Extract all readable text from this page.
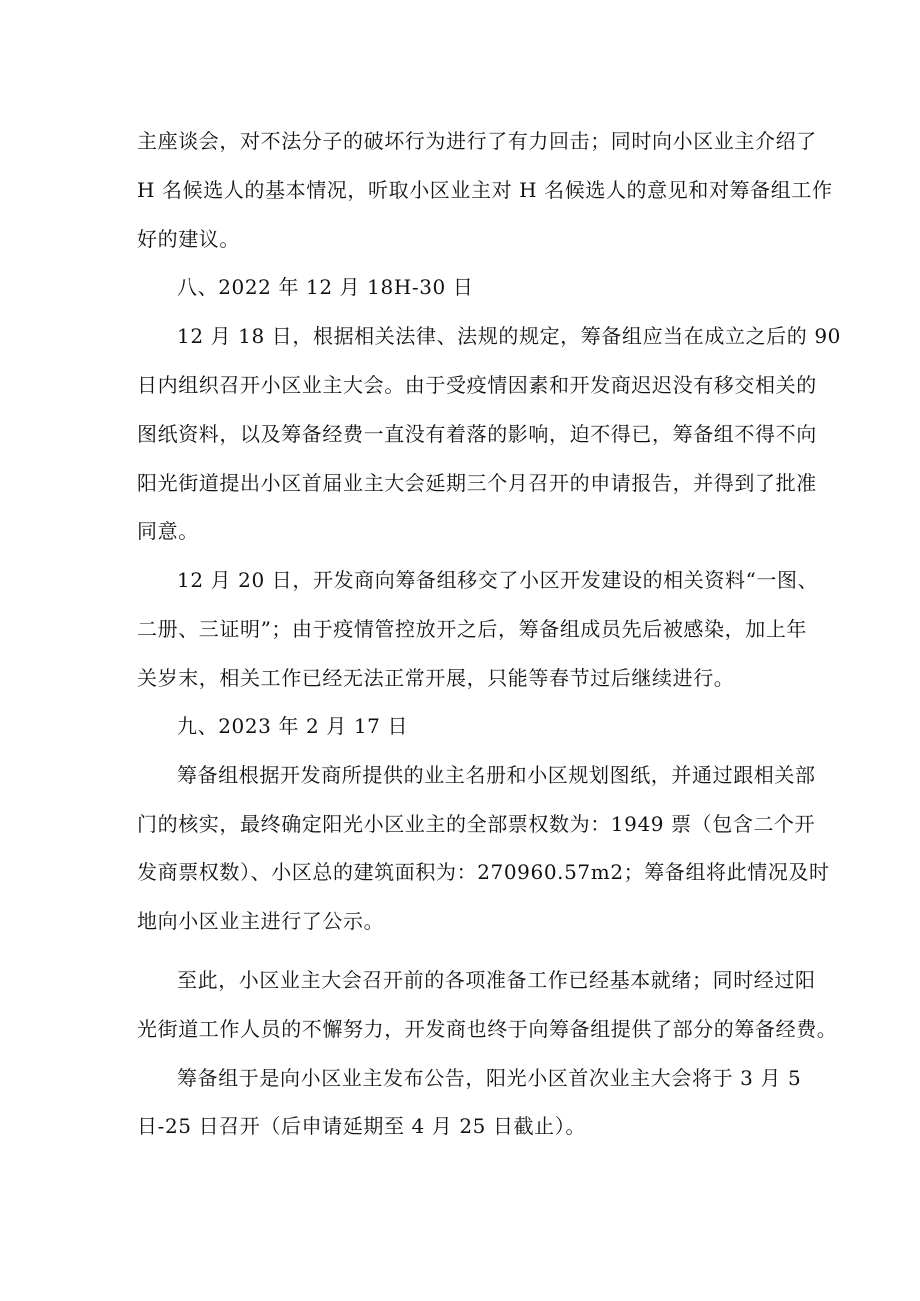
主座谈会，对不法分子的破坏行为进行了有力回击；同时向小区业主介绍了
H 名候选人的基本情况，听取小区业主对 H 名候选人的意见和对筹备组工作
好的建议。
八、2022 年 12 月 18H-30 日
12 月 18 日，根据相关法律、法规的规定，筹备组应当在成立之后的 90
日内组织召开小区业主大会。由于受疫情因素和开发商迟迟没有移交相关的
图纸资料，以及筹备经费一直没有着落的影响，迫不得已，筹备组不得不向
阳光街道提出小区首届业主大会延期三个月召开的申请报告，并得到了批准
同意。
12 月 20 日，开发商向筹备组移交了小区开发建设的相关资料“一图、
二册、三证明”；由于疫情管控放开之后，筹备组成员先后被感染，加上年
关岁末，相关工作已经无法正常开展，只能等春节过后继续进行。
九、2023 年 2 月 17 日
筹备组根据开发商所提供的业主名册和小区规划图纸，并通过跟相关部
门的核实，最终确定阳光小区业主的全部票权数为：1949 票（包含二个开
发商票权数）、小区总的建筑面积为：270960.57m2；筹备组将此情况及时
地向小区业主进行了公示。
至此，小区业主大会召开前的各项准备工作已经基本就绪；同时经过阳
光街道工作人员的不懈努力，开发商也终于向筹备组提供了部分的筹备经费。
筹备组于是向小区业主发布公告，阳光小区首次业主大会将于 3 月 5
日-25 日召开（后申请延期至 4 月 25 日截止）。
